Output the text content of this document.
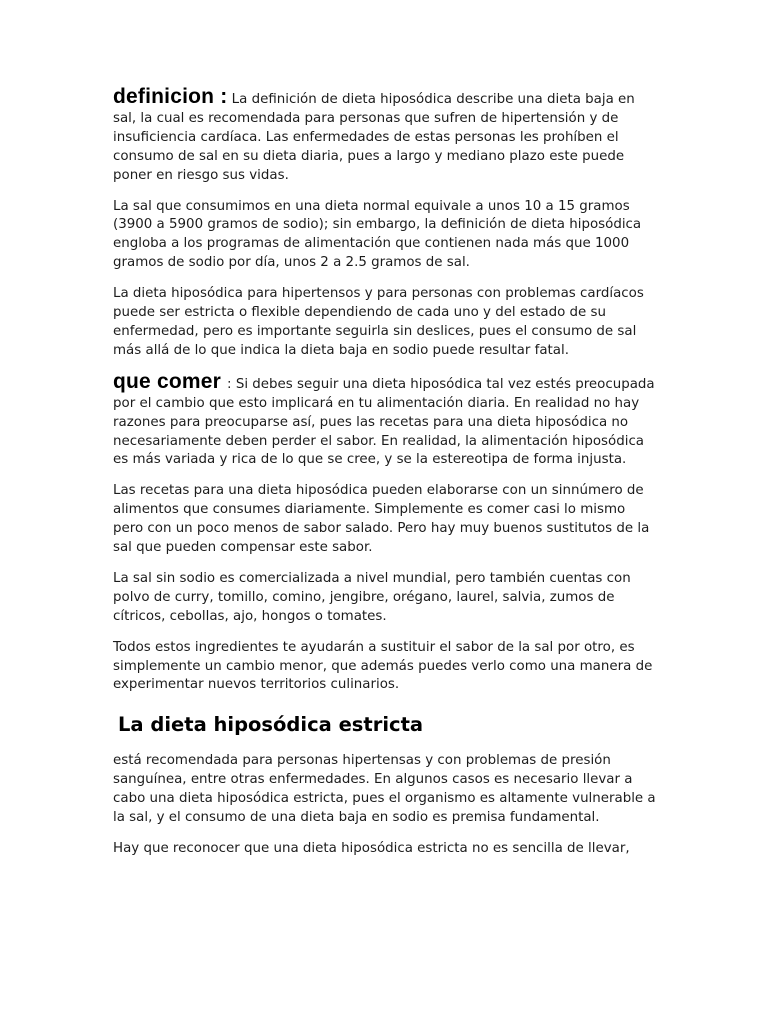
definicion : La definición de dieta hiposódica describe una dieta baja en sal, la cual es recomendada para personas que sufren de hipertensión y de insuficiencia cardíaca. Las enfermedades de estas personas les prohíben el consumo de sal en su dieta diaria, pues a largo y mediano plazo este puede poner en riesgo sus vidas.

La sal que consumimos en una dieta normal equivale a unos 10 a 15 gramos (3900 a 5900 gramos de sodio); sin embargo, la definición de dieta hiposódica engloba a los programas de alimentación que contienen nada más que 1000 gramos de sodio por día, unos 2 a 2.5 gramos de sal.

La dieta hiposódica para hipertensos y para personas con problemas cardíacos puede ser estricta o flexible dependiendo de cada uno y del estado de su enfermedad, pero es importante seguirla sin deslices, pues el consumo de sal más allá de lo que indica la dieta baja en sodio puede resultar fatal.

que comer : Si debes seguir una dieta hiposódica tal vez estés preocupada por el cambio que esto implicará en tu alimentación diaria. En realidad no hay razones para preocuparse así, pues las recetas para una dieta hiposódica no necesariamente deben perder el sabor. En realidad, la alimentación hiposódica es más variada y rica de lo que se cree, y se la estereotipa de forma injusta.

Las recetas para una dieta hiposódica pueden elaborarse con un sinnúmero de alimentos que consumes diariamente. Simplemente es comer casi lo mismo pero con un poco menos de sabor salado. Pero hay muy buenos sustitutos de la sal que pueden compensar este sabor.

La sal sin sodio es comercializada a nivel mundial, pero también cuentas con polvo de curry, tomillo, comino, jengibre, orégano, laurel, salvia, zumos de cítricos, cebollas, ajo, hongos o tomates.

Todos estos ingredientes te ayudarán a sustituir el sabor de la sal por otro, es simplemente un cambio menor, que además puedes verlo como una manera de experimentar nuevos territorios culinarios.

La dieta hiposódica estricta

está recomendada para personas hipertensas y con problemas de presión sanguínea, entre otras enfermedades. En algunos casos es necesario llevar a cabo una dieta hiposódica estricta, pues el organismo es altamente vulnerable a la sal, y el consumo de una dieta baja en sodio es premisa fundamental.

Hay que reconocer que una dieta hiposódica estricta no es sencilla de llevar,
